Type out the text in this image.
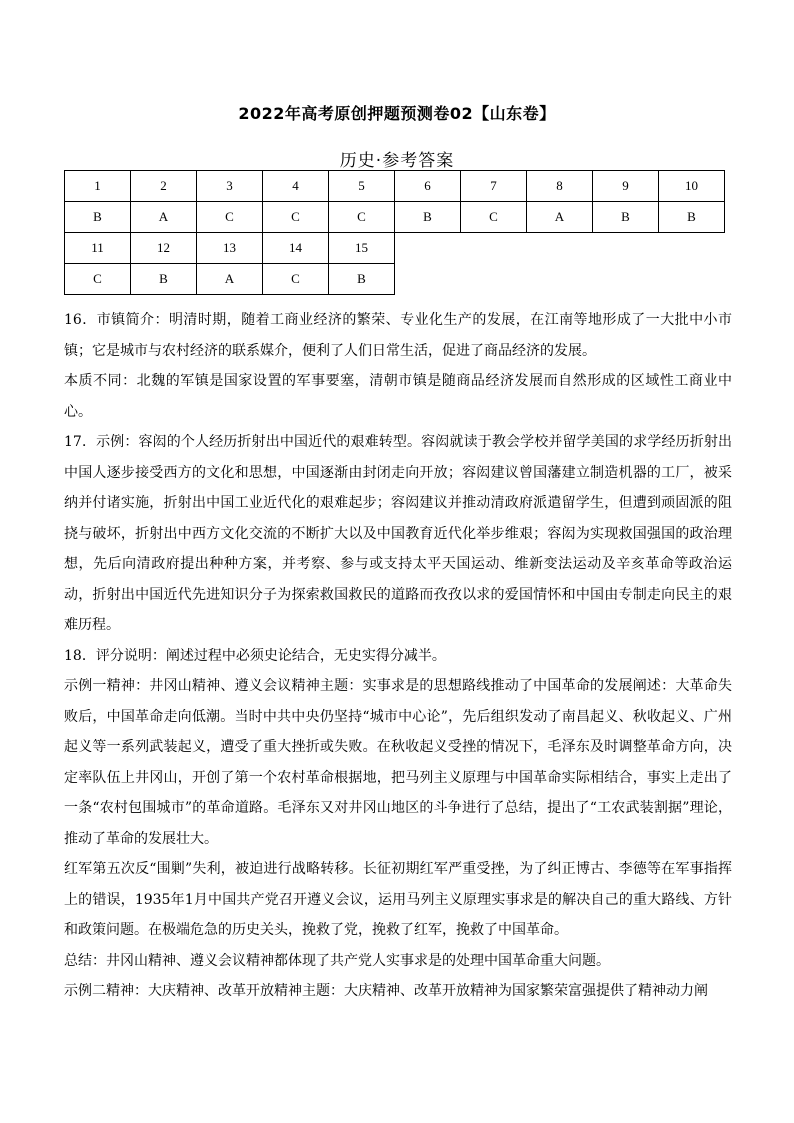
2022年高考原创押题预测卷02【山东卷】
历史·参考答案
1	2	3	4	5	6	7	8	9	10
B	A	C	C	C	B	C	A	B	B
11	12	13	14	15					
C	B	A	C	B					

16．市镇简介：明清时期，随着工商业经济的繁荣、专业化生产的发展，在江南等地形成了一大批中小市镇；它是城市与农村经济的联系媒介，便利了人们日常生活，促进了商品经济的发展。

本质不同：北魏的军镇是国家设置的军事要塞，清朝市镇是随商品经济发展而自然形成的区域性工商业中心。

17．示例：容闳的个人经历折射出中国近代的艰难转型。容闳就读于教会学校并留学美国的求学经历折射出中国人逐步接受西方的文化和思想，中国逐渐由封闭走向开放；容闳建议曾国藩建立制造机器的工厂，被采纳并付诸实施，折射出中国工业近代化的艰难起步；容闳建议并推动清政府派遣留学生，但遭到顽固派的阻挠与破坏，折射出中西方文化交流的不断扩大以及中国教育近代化举步维艰；容闳为实现救国强国的政治理想，先后向清政府提出种种方案，并考察、参与或支持太平天国运动、维新变法运动及辛亥革命等政治运动，折射出中国近代先进知识分子为探索救国救民的道路而孜孜以求的爱国情怀和中国由专制走向民主的艰难历程。

18．评分说明：阐述过程中必须史论结合，无史实得分减半。

示例一精神：井冈山精神、遵义会议精神主题：实事求是的思想路线推动了中国革命的发展阐述：大革命失败后，中国革命走向低潮。当时中共中央仍坚持“城市中心论”，先后组织发动了南昌起义、秋收起义、广州起义等一系列武装起义，遭受了重大挫折或失败。在秋收起义受挫的情况下，毛泽东及时调整革命方向，决定率队伍上井冈山，开创了第一个农村革命根据地，把马列主义原理与中国革命实际相结合，事实上走出了一条“农村包围城市”的革命道路。毛泽东又对井冈山地区的斗争进行了总结，提出了“工农武装割据”理论，推动了革命的发展壮大。

红军第五次反“围剿”失利，被迫进行战略转移。长征初期红军严重受挫，为了纠正博古、李德等在军事指挥上的错误，1935年1月中国共产党召开遵义会议，运用马列主义原理实事求是的解决自己的重大路线、方针和政策问题。在极端危急的历史关头，挽救了党，挽救了红军，挽救了中国革命。

总结：井冈山精神、遵义会议精神都体现了共产党人实事求是的处理中国革命重大问题。

示例二精神：大庆精神、改革开放精神主题：大庆精神、改革开放精神为国家繁荣富强提供了精神动力阐
